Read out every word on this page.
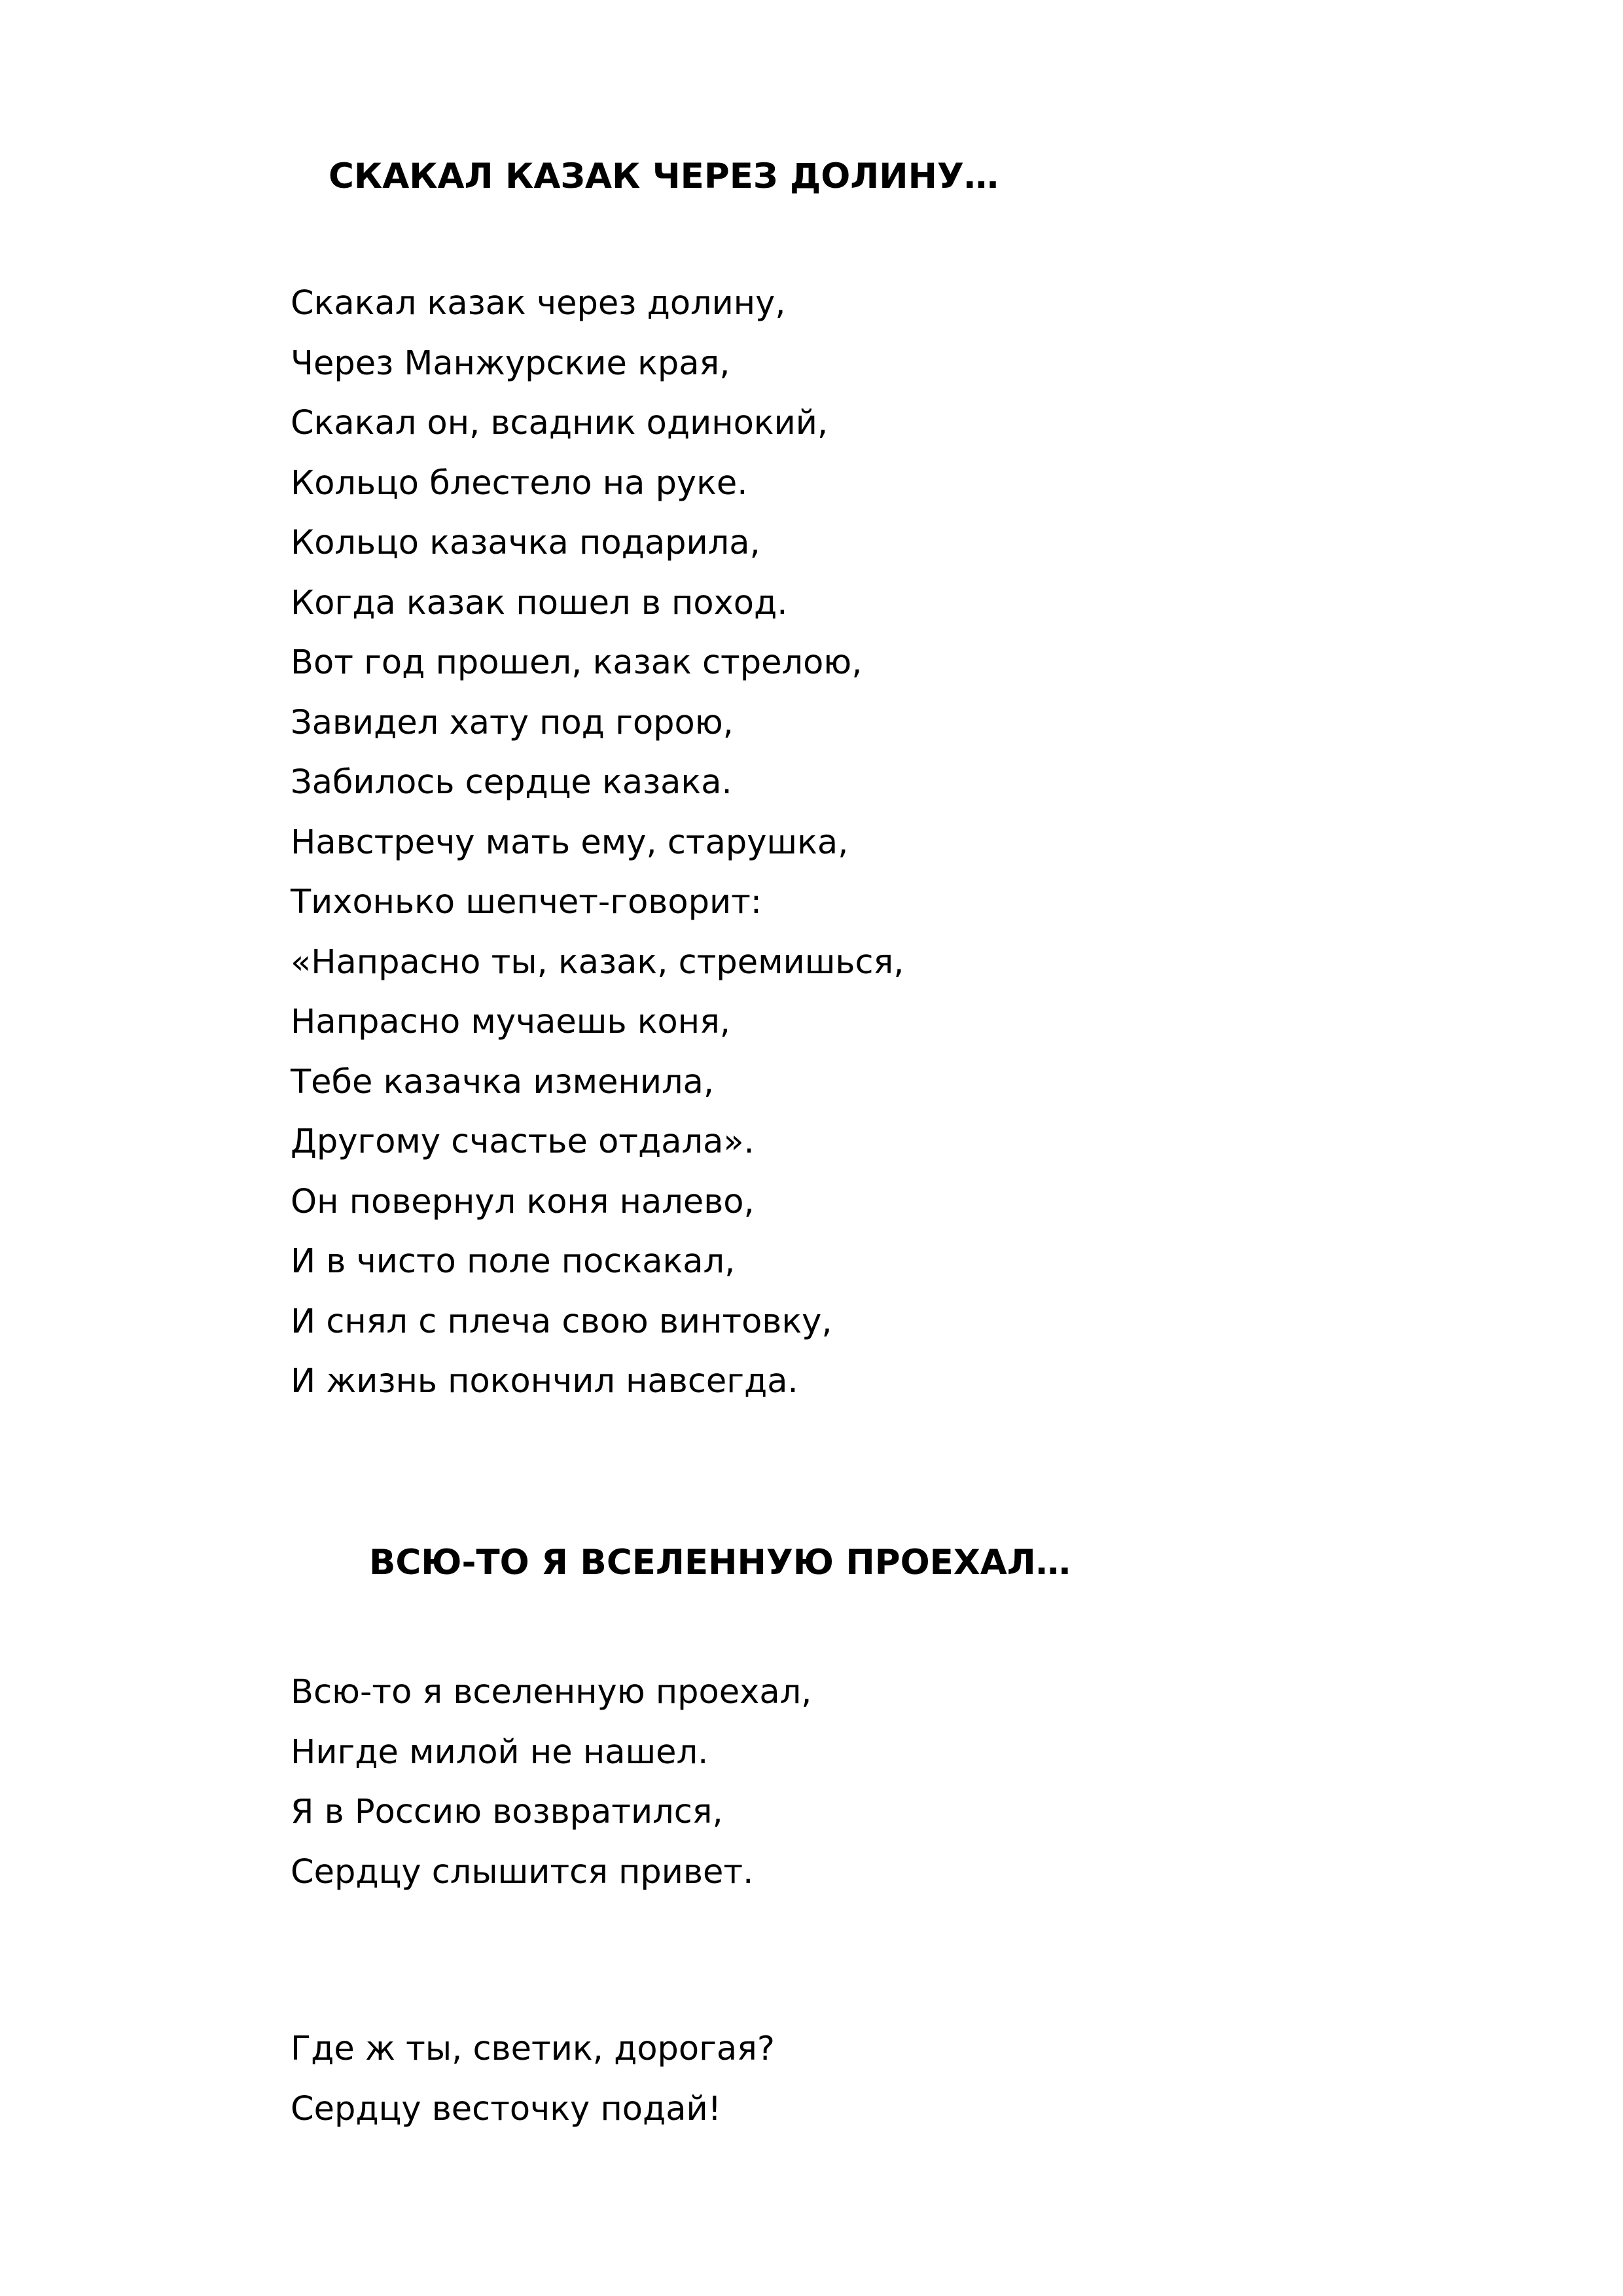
СКАКАЛ КАЗАК ЧЕРЕЗ ДОЛИНУ…
Скакал казак через долину,
Через Манжурские края,
Скакал он, всадник одинокий,
Кольцо блестело на руке.
Кольцо казачка подарила,
Когда казак пошел в поход.
Вот год прошел, казак стрелою,
Завидел хату под горою,
Забилось сердце казака.
Навстречу мать ему, старушка,
Тихонько шепчет-говорит:
«Напрасно ты, казак, стремишься,
Напрасно мучаешь коня,
Тебе казачка изменила,
Другому счастье отдала».
Он повернул коня налево,
И в чисто поле поскакал,
И снял с плеча свою винтовку,
И жизнь покончил навсегда.
ВСЮ-ТО Я ВСЕЛЕННУЮ ПРОЕХАЛ…
Всю-то я вселенную проехал,
Нигде милой не нашел.
Я в Россию возвратился,
Сердцу слышится привет.
Где ж ты, светик, дорогая?
Сердцу весточку подай!
